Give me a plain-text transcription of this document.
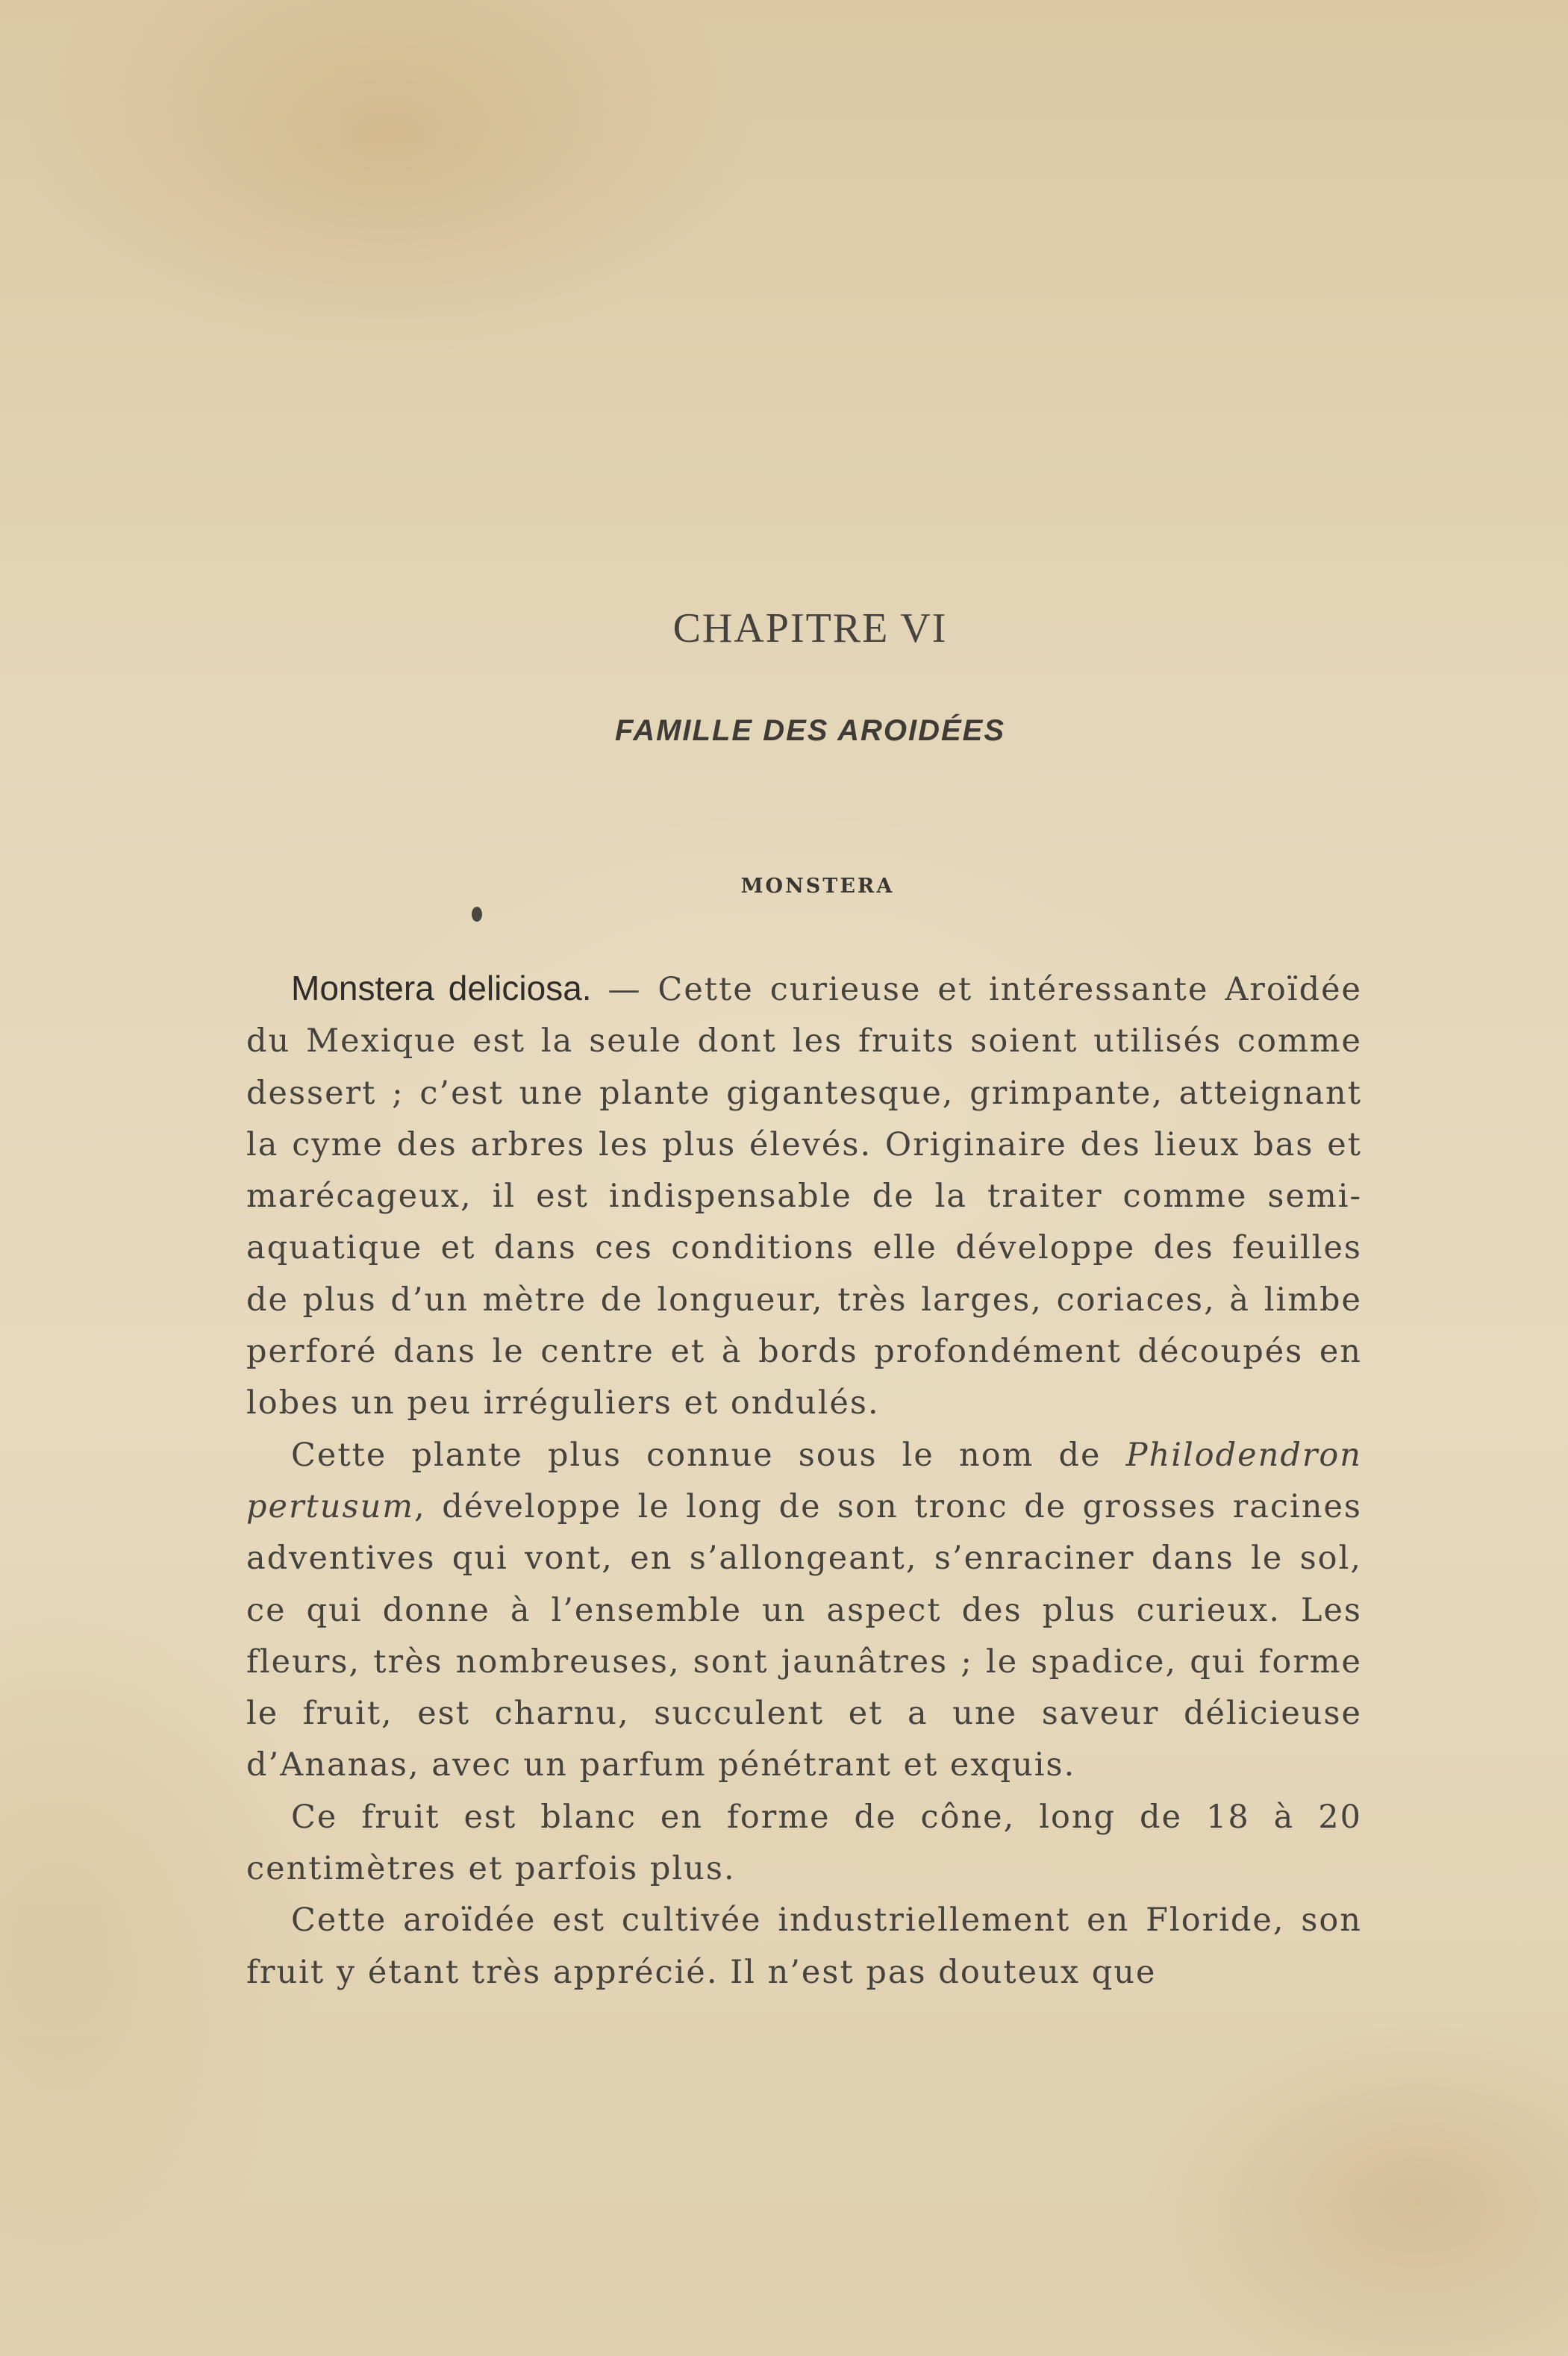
CHAPITRE VI
FAMILLE DES AROIDÉES
MONSTERA

Monstera deliciosa. — Cette curieuse et intéressante Aroïdée du Mexique est la seule dont les fruits soient utilisés comme dessert ; c’est une plante gigantesque, grimpante, atteignant la cyme des arbres les plus élevés. Originaire des lieux bas et marécageux, il est indispensable de la traiter comme semi-aquatique et dans ces conditions elle développe des feuilles de plus d’un mètre de longueur, très larges, coriaces, à limbe perforé dans le centre et à bords profondément découpés en lobes un peu irréguliers et ondulés.

Cette plante plus connue sous le nom de Philodendron pertusum, développe le long de son tronc de grosses racines adventives qui vont, en s’allongeant, s’enraciner dans le sol, ce qui donne à l’ensemble un aspect des plus curieux. Les fleurs, très nombreuses, sont jaunâtres ; le spadice, qui forme le fruit, est charnu, succulent et a une saveur délicieuse d’Ananas, avec un parfum pénétrant et exquis.

Ce fruit est blanc en forme de cône, long de 18 à 20 centimètres et parfois plus.

Cette aroïdée est cultivée industriellement en Floride, son fruit y étant très apprécié. Il n’est pas douteux que
